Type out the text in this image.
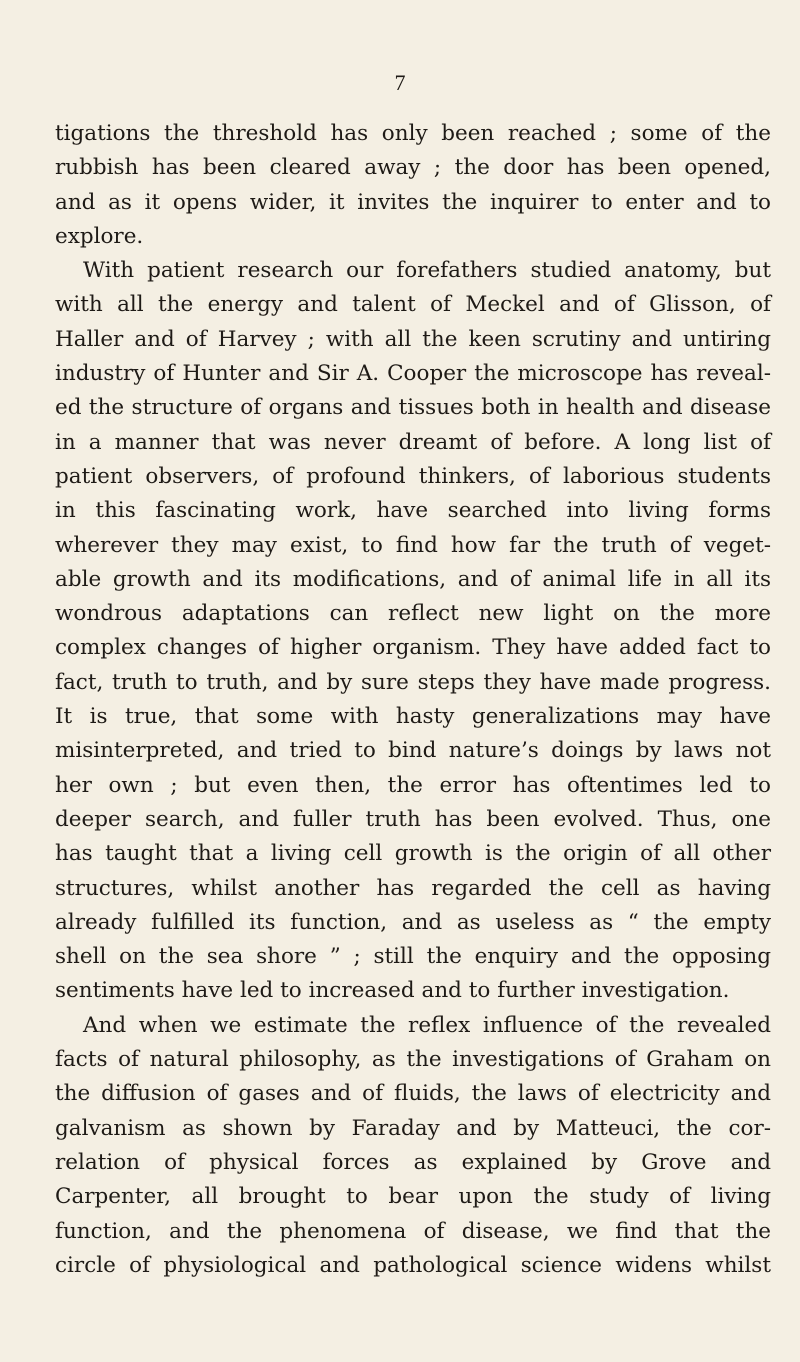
7
tigations the threshold has only been reached ; some of the
rubbish has been cleared away ; the door has been opened,
and as it opens wider, it invites the inquirer to enter and to
explore.
With patient research our forefathers studied anatomy, but
with all the energy and talent of Meckel and of Glisson, of
Haller and of Harvey ; with all the keen scrutiny and untiring
industry of Hunter and Sir A. Cooper the microscope has reveal-
ed the structure of organs and tissues both in health and disease
in a manner that was never dreamt of before. A long list of
patient observers, of profound thinkers, of laborious students
in this fascinating work, have searched into living forms
wherever they may exist, to find how far the truth of veget-
able growth and its modifications, and of animal life in all its
wondrous adaptations can reflect new light on the more
complex changes of higher organism. They have added fact to
fact, truth to truth, and by sure steps they have made progress.
It is true, that some with hasty generalizations may have
misinterpreted, and tried to bind nature’s doings by laws not
her own ; but even then, the error has oftentimes led to
deeper search, and fuller truth has been evolved. Thus, one
has taught that a living cell growth is the origin of all other
structures, whilst another has regarded the cell as having
already fulfilled its function, and as useless as “ the empty
shell on the sea shore ” ; still the enquiry and the opposing
sentiments have led to increased and to further investigation.
And when we estimate the reflex influence of the revealed
facts of natural philosophy, as the investigations of Graham on
the diffusion of gases and of fluids, the laws of electricity and
galvanism as shown by Faraday and by Matteuci, the cor-
relation of physical forces as explained by Grove and
Carpenter, all brought to bear upon the study of living
function, and the phenomena of disease, we find that the
circle of physiological and pathological science widens whilst
